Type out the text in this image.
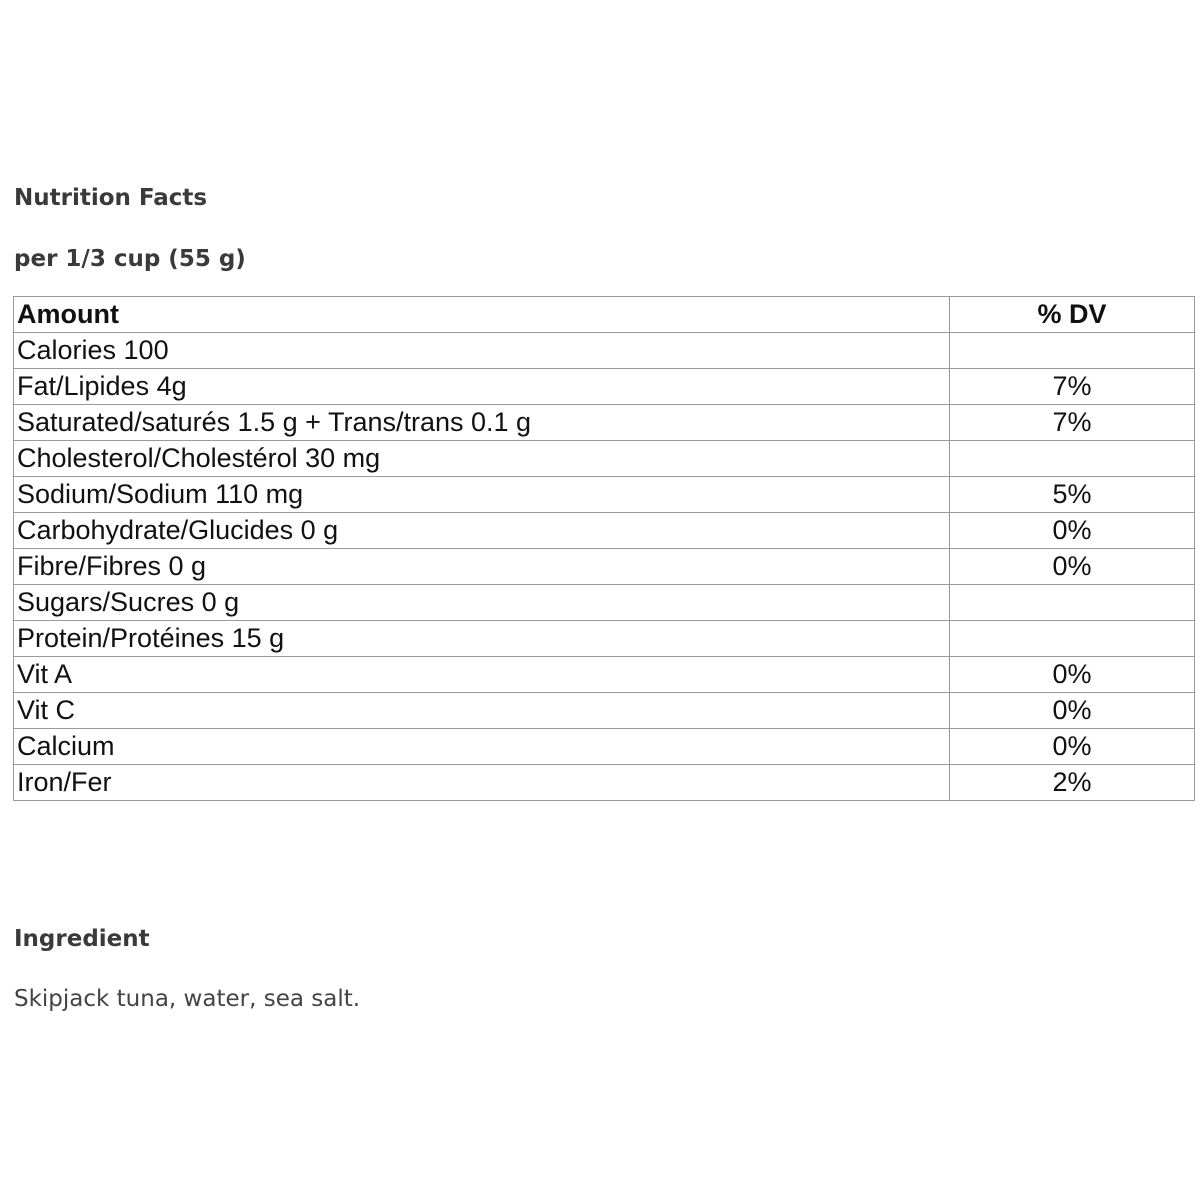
Nutrition Facts

per 1/3 cup (55 g)

Amount	% DV
Calories 100	
Fat/Lipides 4g	7%
Saturated/saturés 1.5 g + Trans/trans 0.1 g	7%
Cholesterol/Cholestérol 30 mg	
Sodium/Sodium 110 mg	5%
Carbohydrate/Glucides 0 g	0%
Fibre/Fibres 0 g	0%
Sugars/Sucres 0 g	
Protein/Protéines 15 g	
Vit A	0%
Vit C	0%
Calcium	0%
Iron/Fer	2%

Ingredient

Skipjack tuna, water, sea salt.
